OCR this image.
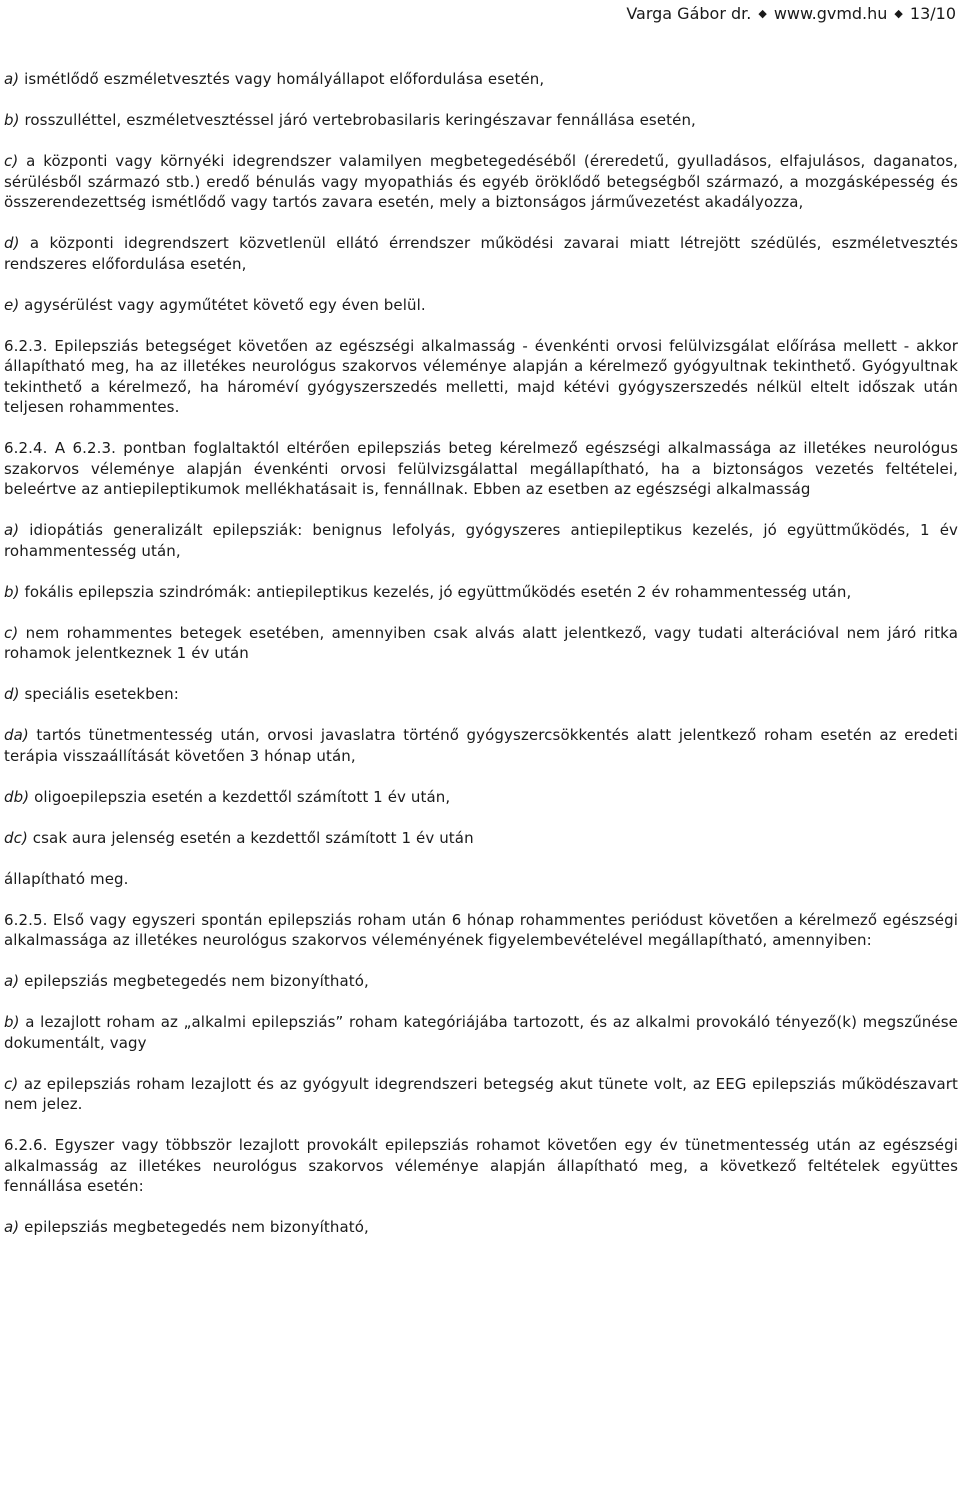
Varga Gábor dr. ◆ www.gvmd.hu ◆ 13/10

a) ismétlődő eszméletvesztés vagy homályállapot előfordulása esetén,

b) rosszulléttel, eszméletvesztéssel járó vertebrobasilaris keringészavar fennállása esetén,

c) a központi vagy környéki idegrendszer valamilyen megbetegedéséből (éreredetű, gyulladásos, elfajulásos, daganatos, sérülésből származó stb.) eredő bénulás vagy myopathiás és egyéb öröklődő betegségből származó, a mozgásképesség és összerendezettség ismétlődő vagy tartós zavara esetén, mely a biztonságos járművezetést akadályozza,

d) a központi idegrendszert közvetlenül ellátó érrendszer működési zavarai miatt létrejött szédülés, eszméletvesztés rendszeres előfordulása esetén,

e) agysérülést vagy agyműtétet követő egy éven belül.

6.2.3. Epilepsziás betegséget követően az egészségi alkalmasság - évenkénti orvosi felülvizsgálat előírása mellett - akkor állapítható meg, ha az illetékes neurológus szakorvos véleménye alapján a kérelmező gyógyultnak tekinthető. Gyógyultnak tekinthető a kérelmező, ha hároméví gyógyszerszedés melletti, majd kétévi gyógyszerszedés nélkül eltelt időszak után teljesen rohammentes.

6.2.4. A 6.2.3. pontban foglaltaktól eltérően epilepsziás beteg kérelmező egészségi alkalmassága az illetékes neurológus szakorvos véleménye alapján évenkénti orvosi felülvizsgálattal megállapítható, ha a biztonságos vezetés feltételei, beleértve az antiepileptikumok mellékhatásait is, fennállnak. Ebben az esetben az egészségi alkalmasság

a) idiopátiás generalizált epilepsziák: benignus lefolyás, gyógyszeres antiepileptikus kezelés, jó együttműködés, 1 év rohammentesség után,

b) fokális epilepszia szindrómák: antiepileptikus kezelés, jó együttműködés esetén 2 év rohammentesség után,

c) nem rohammentes betegek esetében, amennyiben csak alvás alatt jelentkező, vagy tudati alterációval nem járó ritka rohamok jelentkeznek 1 év után

d) speciális esetekben:

da) tartós tünetmentesség után, orvosi javaslatra történő gyógyszercsökkentés alatt jelentkező roham esetén az eredeti terápia visszaállítását követően 3 hónap után,

db) oligoepilepszia esetén a kezdettől számított 1 év után,

dc) csak aura jelenség esetén a kezdettől számított 1 év után

állapítható meg.

6.2.5. Első vagy egyszeri spontán epilepsziás roham után 6 hónap rohammentes periódust követően a kérelmező egészségi alkalmassága az illetékes neurológus szakorvos véleményének figyelembevételével megállapítható, amennyiben:

a) epilepsziás megbetegedés nem bizonyítható,

b) a lezajlott roham az „alkalmi epilepsziás” roham kategóriájába tartozott, és az alkalmi provokáló tényező(k) megszűnése dokumentált, vagy

c) az epilepsziás roham lezajlott és az gyógyult idegrendszeri betegség akut tünete volt, az EEG epilepsziás működészavart nem jelez.

6.2.6. Egyszer vagy többször lezajlott provokált epilepsziás rohamot követően egy év tünetmentesség után az egészségi alkalmasság az illetékes neurológus szakorvos véleménye alapján állapítható meg, a következő feltételek együttes fennállása esetén:

a) epilepsziás megbetegedés nem bizonyítható,
